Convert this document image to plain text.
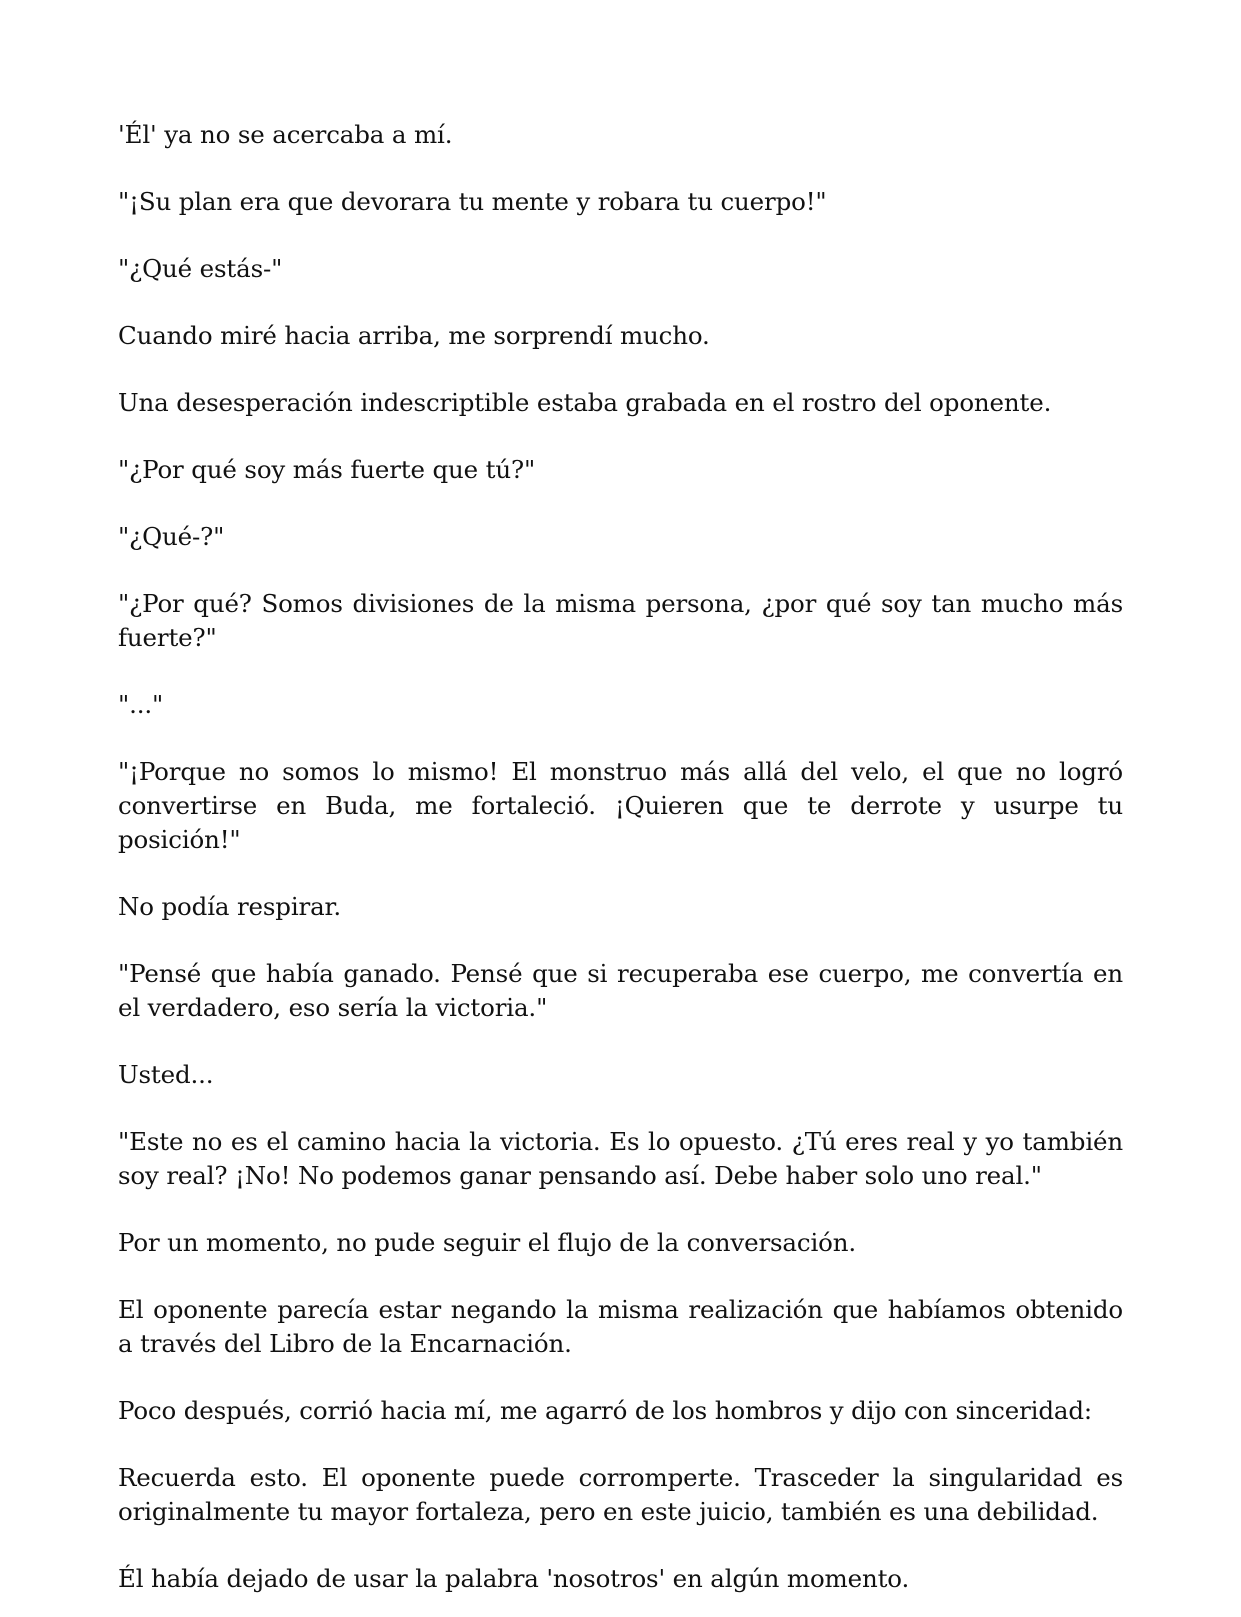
'Él' ya no se acercaba a mí.

"¡Su plan era que devorara tu mente y robara tu cuerpo!"

"¿Qué estás-"

Cuando miré hacia arriba, me sorprendí mucho.

Una desesperación indescriptible estaba grabada en el rostro del oponente.

"¿Por qué soy más fuerte que tú?"

"¿Qué-?"

"¿Por qué? Somos divisiones de la misma persona, ¿por qué soy tan mucho más fuerte?"

"..."

"¡Porque no somos lo mismo! El monstruo más allá del velo, el que no logró convertirse en Buda, me fortaleció. ¡Quieren que te derrote y usurpe tu posición!"

No podía respirar.

"Pensé que había ganado. Pensé que si recuperaba ese cuerpo, me convertía en el verdadero, eso sería la victoria."

Usted...

"Este no es el camino hacia la victoria. Es lo opuesto. ¿Tú eres real y yo también soy real? ¡No! No podemos ganar pensando así. Debe haber solo uno real."

Por un momento, no pude seguir el flujo de la conversación.

El oponente parecía estar negando la misma realización que habíamos obtenido a través del Libro de la Encarnación.

Poco después, corrió hacia mí, me agarró de los hombros y dijo con sinceridad:

Recuerda esto. El oponente puede corromperte. Trasceder la singularidad es originalmente tu mayor fortaleza, pero en este juicio, también es una debilidad.

Él había dejado de usar la palabra 'nosotros' en algún momento.
